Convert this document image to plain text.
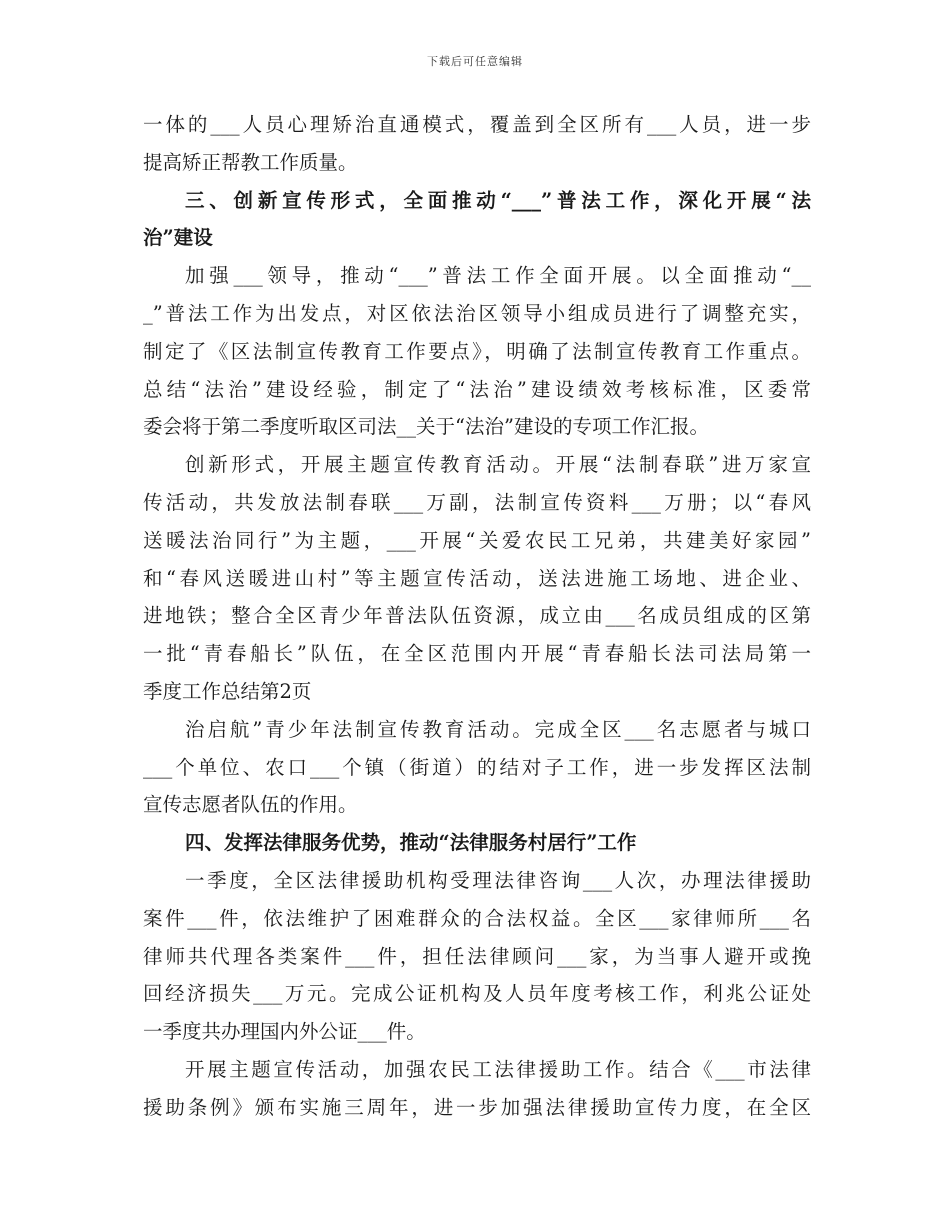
下载后可任意编辑
一体的___人员心理矫治直通模式，覆盖到全区所有___人员，进一步
提高矫正帮教工作质量。
三、创新宣传形式，全面推动“___”普法工作，深化开展“法
治”建设
加强___领导，推动“___”普法工作全面开展。以全面推动“__
_”普法工作为出发点，对区依法治区领导小组成员进行了调整充实，
制定了《区法制宣传教育工作要点》，明确了法制宣传教育工作重点。
总结“法治”建设经验，制定了“法治”建设绩效考核标准，区委常
委会将于第二季度听取区司法__关于“法治”建设的专项工作汇报。
创新形式，开展主题宣传教育活动。开展“法制春联”进万家宣
传活动，共发放法制春联___万副，法制宣传资料___万册；以“春风
送暖法治同行”为主题，___开展“关爱农民工兄弟，共建美好家园”
和“春风送暖进山村”等主题宣传活动，送法进施工场地、进企业、
进地铁；整合全区青少年普法队伍资源，成立由___名成员组成的区第
一批“青春船长”队伍，在全区范围内开展“青春船长法司法局第一
季度工作总结第2页
治启航”青少年法制宣传教育活动。完成全区___名志愿者与城口
___个单位、农口___个镇（街道）的结对子工作，进一步发挥区法制
宣传志愿者队伍的作用。
四、发挥法律服务优势，推动“法律服务村居行”工作
一季度，全区法律援助机构受理法律咨询___人次，办理法律援助
案件___件，依法维护了困难群众的合法权益。全区___家律师所___名
律师共代理各类案件___件，担任法律顾问___家，为当事人避开或挽
回经济损失___万元。完成公证机构及人员年度考核工作，利兆公证处
一季度共办理国内外公证___件。
开展主题宣传活动，加强农民工法律援助工作。结合《___市法律
援助条例》颁布实施三周年，进一步加强法律援助宣传力度，在全区
